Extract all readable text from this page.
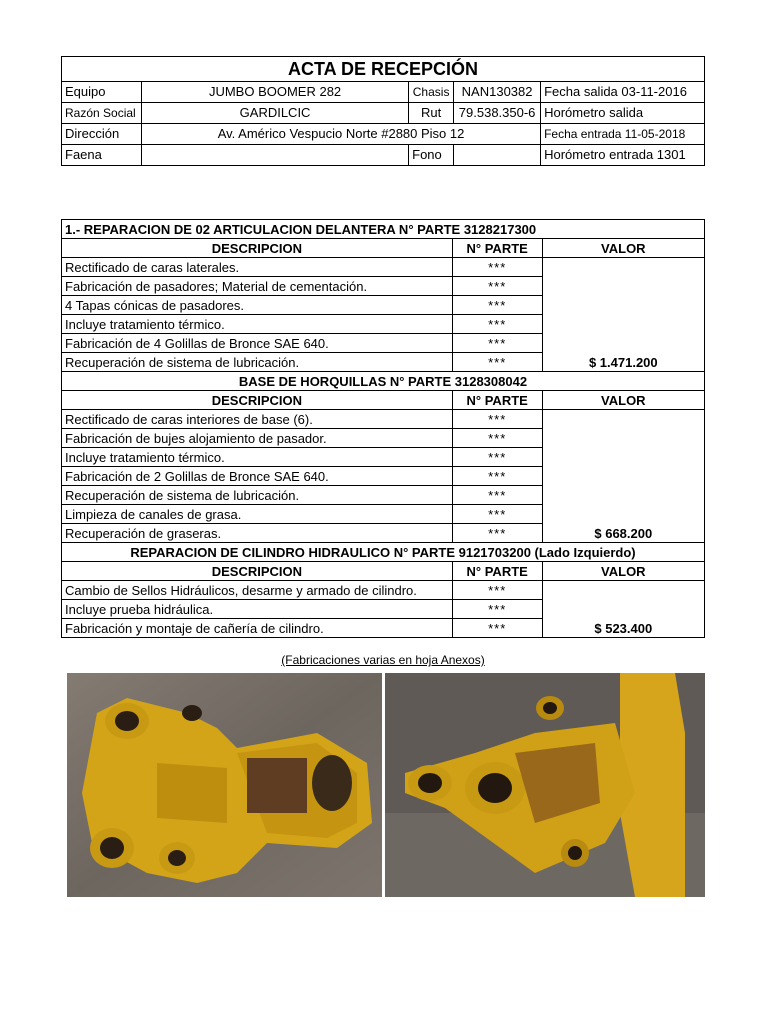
ACTA DE RECEPCIÓN				
Equipo	JUMBO BOOMER 282	Chasis	NAN130382	Fecha salida 03-11-2016
Razón Social	GARDILCIC	Rut	79.538.350-6	Horómetro salida
Dirección	Av. Américo Vespucio Norte #2880 Piso 12			Fecha entrada 11-05-2018
Faena		Fono		Horómetro entrada 1301
1.- REPARACION DE 02 ARTICULACION DELANTERA N° PARTE 3128217300		
DESCRIPCION	N° PARTE	VALOR
Rectificado de caras laterales.	***	$ 1.471.200
Fabricación de pasadores; Material de cementación.	***	
4 Tapas cónicas de pasadores.	***	
Incluye tratamiento térmico.	***	
Fabricación de 4 Golillas de Bronce SAE 640.	***	
Recuperación de sistema de lubricación.	***	
BASE DE HORQUILLAS N° PARTE 3128308042		
DESCRIPCION	N° PARTE	VALOR
Rectificado de caras interiores de base (6).	***	$ 668.200
Fabricación de bujes alojamiento de pasador.	***	
Incluye tratamiento térmico.	***	
Fabricación de 2 Golillas de Bronce SAE 640.	***	
Recuperación de sistema de lubricación.	***	
Limpieza de canales de grasa.	***	
Recuperación de graseras.	***	
REPARACION DE CILINDRO HIDRAULICO N° PARTE 9121703200 (Lado Izquierdo)		
DESCRIPCION	N° PARTE	VALOR
Cambio de Sellos Hidráulicos, desarme y armado de cilindro.	***	$ 523.400
Incluye prueba hidráulica.	***	
Fabricación y montaje de cañería de cilindro.	***	
(Fabricaciones varias en hoja Anexos)
